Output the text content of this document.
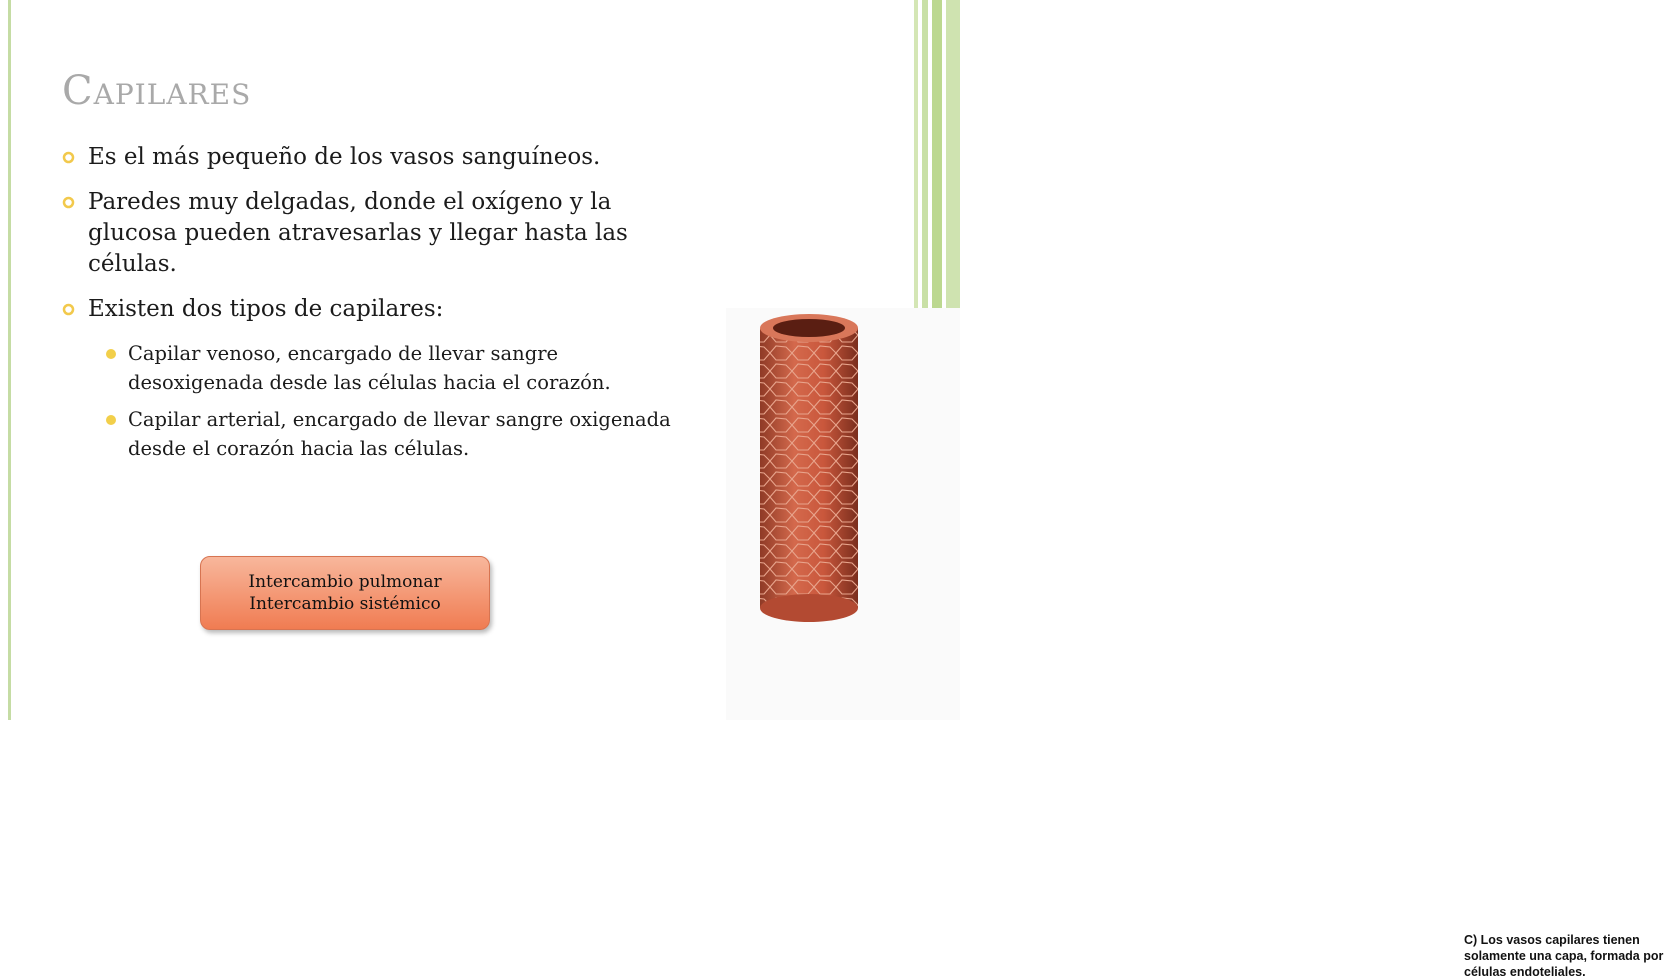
Capilares
Es el más pequeño de los vasos sanguíneos.
Paredes muy delgadas, donde el oxígeno y la glucosa pueden atravesarlas y llegar hasta las células.
Existen dos tipos de capilares:
Capilar venoso, encargado de llevar sangre desoxigenada desde las células hacia el corazón.
Capilar arterial, encargado de llevar sangre oxigenada desde el corazón hacia las células.
Intercambio pulmonar
Intercambio sistémico
C) Los vasos capilares tienen solamente una capa, formada por células endoteliales.
